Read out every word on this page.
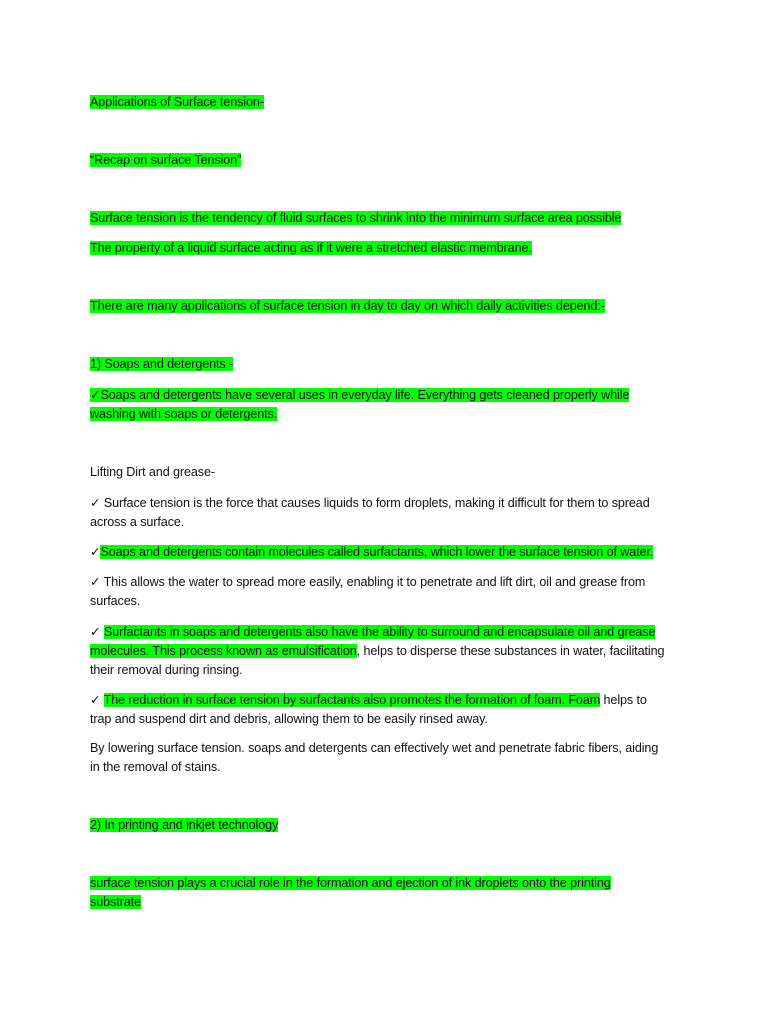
Applications of Surface tension-
“Recap on surface Tension”
Surface tension is the tendency of fluid surfaces to shrink into the minimum surface area possible
The property of a liquid surface acting as if it were a stretched elastic membrane.
There are many applications of surface tension in day to day on which daily activities depend:-
1) Soaps and detergents -
✓Soaps and detergents have several uses in everyday life. Everything gets cleaned properly while
washing with soaps or detergents.
Lifting Dirt and grease-
✓ Surface tension is the force that causes liquids to form droplets, making it difficult for them to spread
across a surface.
✓Soaps and detergents contain molecules called surfactants, which lower the surface tension of water.
✓ This allows the water to spread more easily, enabling it to penetrate and lift dirt, oil and grease from
surfaces.
✓ Surfactants in soaps and detergents also have the ability to surround and encapsulate oil and grease
molecules. This process known as emulsification, helps to disperse these substances in water, facilitating
their removal during rinsing.
✓ The reduction in surface tension by surfactants also promotes the formation of foam. Foam helps to
trap and suspend dirt and debris, allowing them to be easily rinsed away.
By lowering surface tension. soaps and detergents can effectively wet and penetrate fabric fibers, aiding
in the removal of stains.
2) In printing and inkjet technology
surface tension plays a crucial role in the formation and ejection of ink droplets onto the printing
substrate
